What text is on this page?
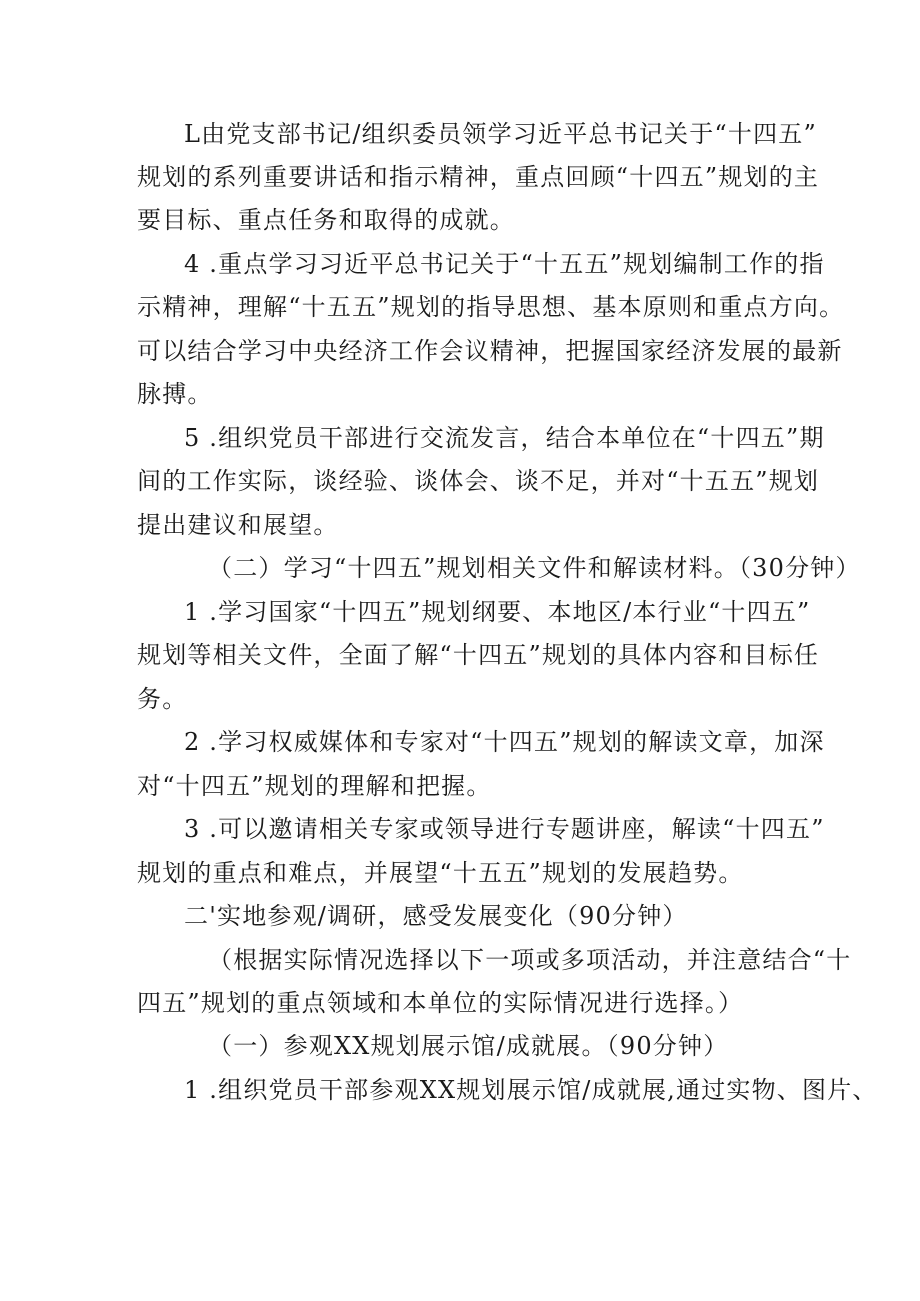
L由党支部书记/组织委员领学习近平总书记关于“十四五”
规划的系列重要讲话和指示精神，重点回顾“十四五”规划的主
要目标、重点任务和取得的成就。
4 .重点学习习近平总书记关于“十五五”规划编制工作的指
示精神，理解“十五五”规划的指导思想、基本原则和重点方向。
可以结合学习中央经济工作会议精神，把握国家经济发展的最新
脉搏。
5 .组织党员干部进行交流发言，结合本单位在“十四五”期
间的工作实际，谈经验、谈体会、谈不足，并对“十五五”规划
提出建议和展望。
（二）学习“十四五”规划相关文件和解读材料。（30分钟）
1 .学习国家“十四五”规划纲要、本地区/本行业“十四五”
规划等相关文件，全面了解“十四五”规划的具体内容和目标任
务。
2 .学习权威媒体和专家对“十四五”规划的解读文章，加深
对“十四五”规划的理解和把握。
3 .可以邀请相关专家或领导进行专题讲座，解读“十四五”
规划的重点和难点，并展望“十五五”规划的发展趋势。
二'实地参观/调研，感受发展变化（90分钟）
（根据实际情况选择以下一项或多项活动，并注意结合“十
四五”规划的重点领域和本单位的实际情况进行选择。）
（一）参观XX规划展示馆/成就展。（90分钟）
1 .组织党员干部参观XX规划展示馆/成就展,通过实物、图片、
